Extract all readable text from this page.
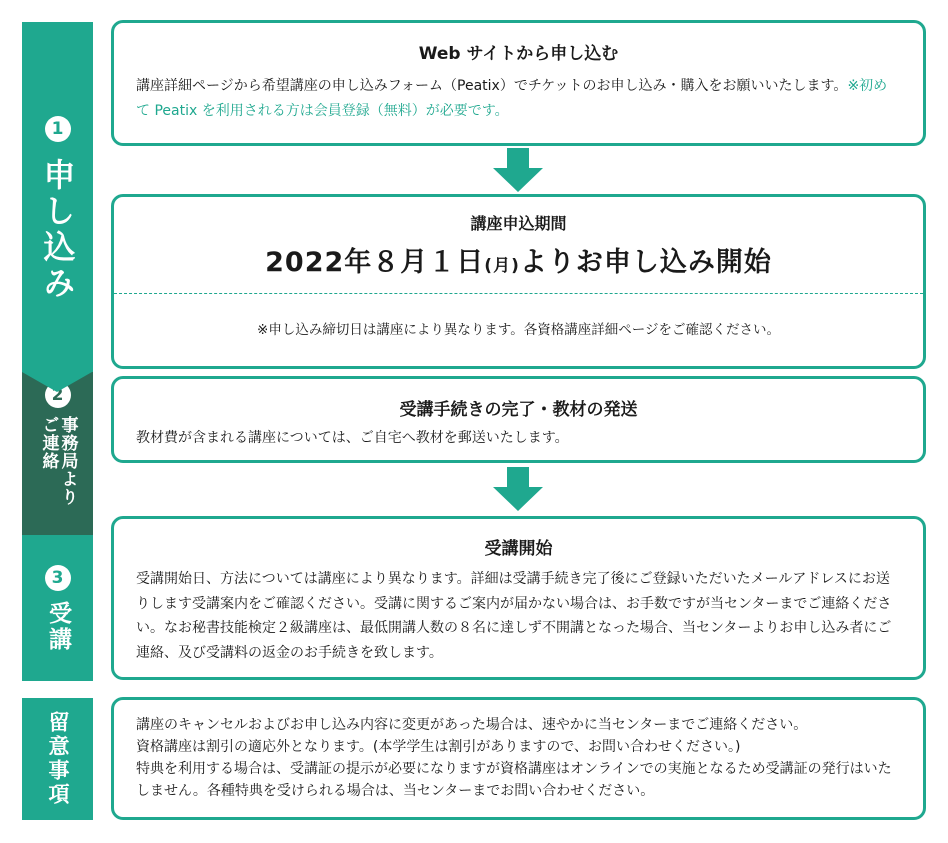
1
申し込み
2
事務局より
ご連絡
3
受講
留意事項

Web サイトから申し込む

講座詳細ページから希望講座の申し込みフォーム（Peatix）でチケットのお申し込み・購入をお願いいたします。※初めて Peatix を利用される方は会員登録（無料）が必要です。

講座申込期間

2022年８月１日(月)よりお申し込み開始

※申し込み締切日は講座により異なります。各資格講座詳細ページをご確認ください。

受講手続きの完了・教材の発送

教材費が含まれる講座については、ご自宅へ教材を郵送いたします。

受講開始

受講開始日、方法については講座により異なります。詳細は受講手続き完了後にご登録いただいたメールアドレスにお送りします受講案内をご確認ください。受講に関するご案内が届かない場合は、お手数ですが当センターまでご連絡ください。なお秘書技能検定２級講座は、最低開講人数の８名に達しず不開講となった場合、当センターよりお申し込み者にご連絡、及び受講料の返金のお手続きを致します。

講座のキャンセルおよびお申し込み内容に変更があった場合は、速やかに当センターまでご連絡ください。
資格講座は割引の適応外となります。(本学学生は割引がありますので、お問い合わせください。)
特典を利用する場合は、受講証の提示が必要になりますが資格講座はオンラインでの実施となるため受講証の発行はいたしません。各種特典を受けられる場合は、当センターまでお問い合わせください。
